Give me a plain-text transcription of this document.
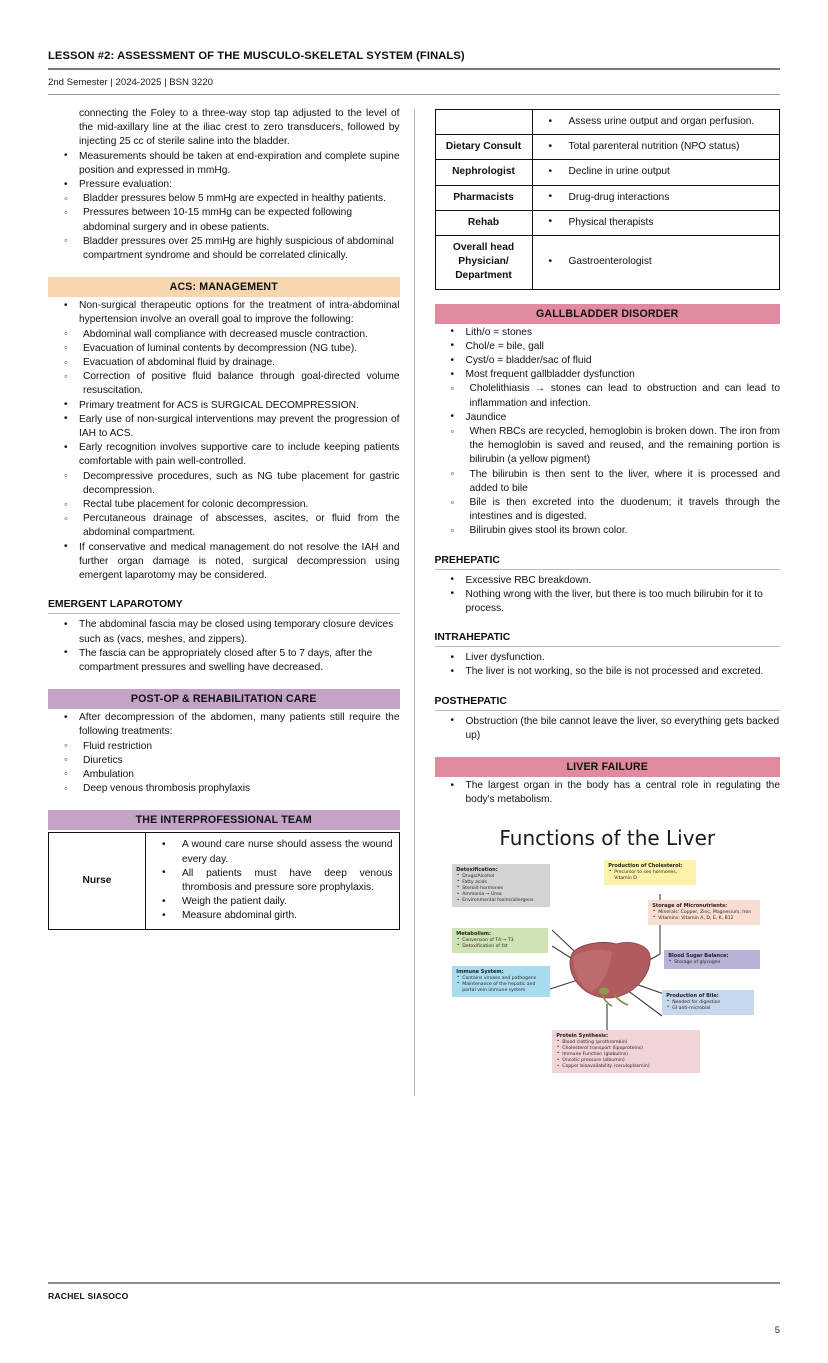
LESSON #2: ASSESSMENT OF THE MUSCULO-SKELETAL SYSTEM (FINALS)
2nd Semester | 2024-2025 | BSN 3220

connecting the Foley to a three-way stop tap adjusted to the level of the mid-axillary line at the iliac crest to zero transducers, followed by injecting 25 cc of sterile saline into the bladder.

• Measurements should be taken at end-expiration and complete supine position and expressed in mmHg.
• Pressure evaluation:
◦ Bladder pressures below 5 mmHg are expected in healthy patients.
◦ Pressures between 10-15 mmHg can be expected following abdominal surgery and in obese patients.
◦ Bladder pressures over 25 mmHg are highly suspicious of abdominal compartment syndrome and should be correlated clinically.
ACS: MANAGEMENT
• Non-surgical therapeutic options for the treatment of intra-abdominal hypertension involve an overall goal to improve the following:
◦ Abdominal wall compliance with decreased muscle contraction.
◦ Evacuation of luminal contents by decompression (NG tube).
◦ Evacuation of abdominal fluid by drainage.
◦ Correction of positive fluid balance through goal-directed volume resuscitation.
• Primary treatment for ACS is SURGICAL DECOMPRESSION.
• Early use of non-surgical interventions may prevent the progression of IAH to ACS.
• Early recognition involves supportive care to include keeping patients comfortable with pain well-controlled.
◦ Decompressive procedures, such as NG tube placement for gastric decompression.
◦ Rectal tube placement for colonic decompression.
◦ Percutaneous drainage of abscesses, ascites, or fluid from the abdominal compartment.
• If conservative and medical management do not resolve the IAH and further organ damage is noted, surgical decompression using emergent laparotomy may be considered.
EMERGENT LAPAROTOMY
• The abdominal fascia may be closed using temporary closure devices such as (vacs, meshes, and zippers).
• The fascia can be appropriately closed after 5 to 7 days, after the compartment pressures and swelling have decreased.
POST-OP & REHABILITATION CARE
• After decompression of the abdomen, many patients still require the following treatments:
◦ Fluid restriction
◦ Diuretics
◦ Ambulation
◦ Deep venous thrombosis prophylaxis
THE INTERPROFESSIONAL TEAM
Nurse	
• A wound care nurse should assess the wound every day.
• All patients must have deep venous thrombosis and pressure sore prophylaxis.
• Weigh the patient daily.
• Measure abdominal girth.

• Assess urine output and organ perfusion.

Dietary Consult	
•Total parenteral nutrition (NPO status)

Nephrologist	
•Decline in urine output

Pharmacists	
•Drug-drug interactions

Rehab	
•Physical therapists

Overall head Physician/ Department	
• Gastroenterologist
GALLBLADDER DISORDER
• Lith/o = stones
• Chol/e = bile, gall
• Cyst/o = bladder/sac of fluid
• Most frequent gallbladder dysfunction
◦ Cholelithiasis → stones can lead to obstruction and can lead to inflammation and infection.
• Jaundice
◦ When RBCs are recycled, hemoglobin is broken down. The iron from the hemoglobin is saved and reused, and the remaining portion is bilirubin (a yellow pigment)
◦ The bilirubin is then sent to the liver, where it is processed and added to bile
◦ Bile is then excreted into the duodenum; it travels through the intestines and is digested.
◦ Bilirubin gives stool its brown color.
PREHEPATIC
• Excessive RBC breakdown.
• Nothing wrong with the liver, but there is too much bilirubin for it to process.
INTRAHEPATIC
• Liver dysfunction.
• The liver is not working, so the bile is not processed and excreted.
POSTHEPATIC
• Obstruction (the bile cannot leave the liver, so everything gets backed up)
LIVER FAILURE
• The largest organ in the body has a central role in regulating the body's metabolism.
Functions of the Liver
Detoxification:
• Drugs/Alcohol
• Fatty acids
• Steroid hormones
• Ammonia → Urea
• Environmental toxins/allergens
Production of Cholesterol:
• Precursor to sex hormones, Vitamin D
Storage of Micronutrients:
• Minerals: Copper, Zinc, Magnesium, Iron
• Vitamins: Vitamin A, D, E, K, B12
Metabolism:
• Conversion of T4 → T3
• Detoxification of fat
Blood Sugar Balance:
• Storage of glycogen
Immune System:
• Contains viruses and pathogens
• Maintenance of the hepatic and portal vein immune system
Production of Bile:
• Needed for digestion
• GI anti-microbial
Protein Synthesis:
• Blood clotting (prothrombin)
• Cholesterol transport (lipoproteins)
• Immune Function (globulins)
• Oncotic pressure (albumin)
• Copper bioavailability (ceruloplasmin)
RACHEL SIASOCO
5
